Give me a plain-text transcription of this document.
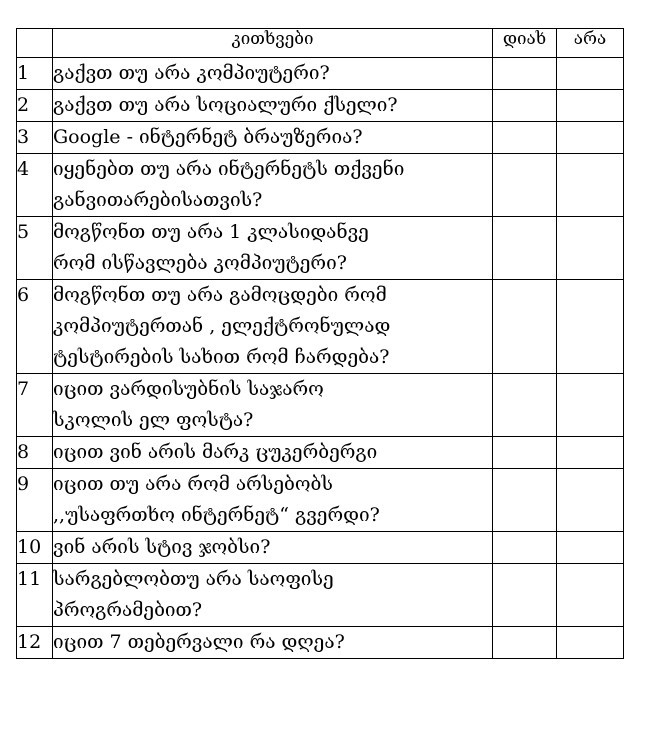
	კითხვები	დიახ	არა
1	გაქვთ თუ არა კომპიუტერი?		

2	გაქვთ თუ არა სოციალური ქსელი?		

3	Google - ინტერნეტ ბრაუზერია?		

4	იყენებთ თუ არა ინტერნეტს თქვენი
განვითარებისათვის?		

5	მოგწონთ თუ არა 1 კლასიდანვე
რომ ისწავლება კომპიუტერი?		

6	მოგწონთ თუ არა გამოცდები რომ
კომპიუტერთან , ელექტრონულად
ტესტირების სახით რომ ჩარდება?		

7	იცით ვარდისუბნის საჯარო
სკოლის ელ ფოსტა?		

8	იცით ვინ არის მარკ ცუკერბერგი		

9	იცით თუ არა რომ არსებობს
,,უსაფრთხო ინტერნეტ“ გვერდი?		

10	ვინ არის სტივ ჯობსი?		

11	სარგებლობთუ არა საოფისე
პროგრამებით?		

12	იცით 7 თებერვალი რა დღეა?		
